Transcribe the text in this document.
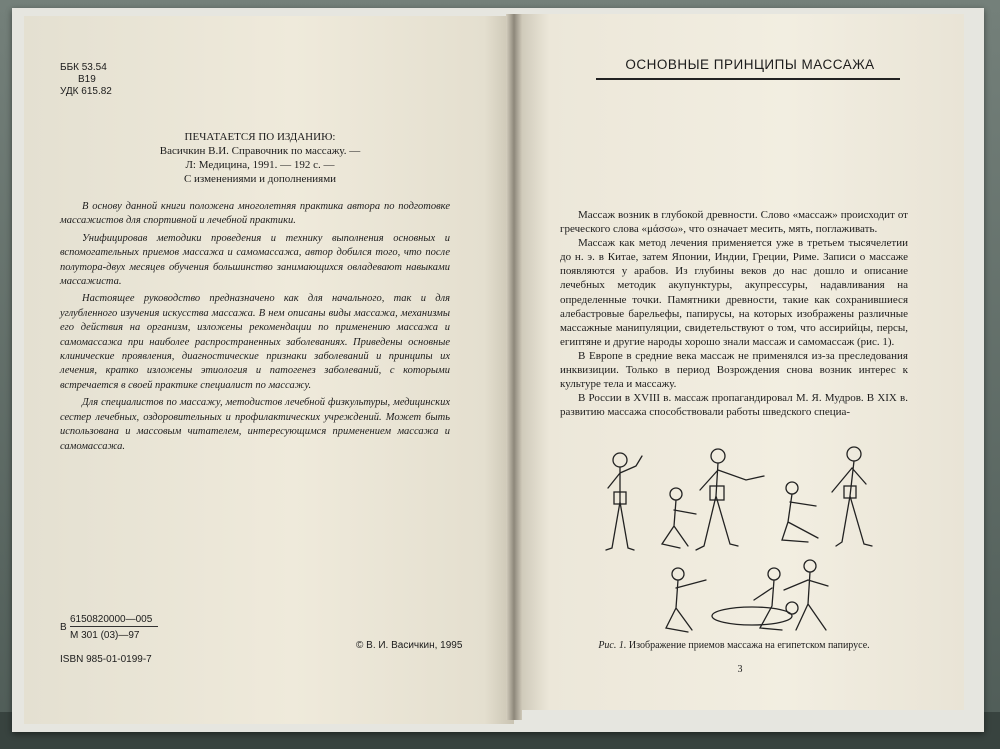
ББК 53.54
В19
УДК 615.82
ПЕЧАТАЕТСЯ ПО ИЗДАНИЮ:
Васичкин В.И. Справочник по массажу. —
Л: Медицина, 1991. — 192 с. —
С изменениями и дополнениями

В основу данной книги положена многолетняя практика автора по подготовке массажистов для спортивной и лечебной практики.

Унифицировав методики проведения и технику выполнения основных и вспомогательных приемов массажа и самомассажа, автор добился того, что после полутора-двух месяцев обучения большинство занимающихся овладевают навыками массажиста.

Настоящее руководство предназначено как для начального, так и для углубленного изучения искусства массажа. В нем описаны виды массажа, механизмы его действия на организм, изложены рекомендации по применению массажа и самомассажа при наиболее распространенных заболеваниях. Приведены основные клинические проявления, диагностические признаки заболеваний и принципы их лечения, кратко изложены этиология и патогенез заболеваний, с которыми встречается в своей практике специалист по массажу.

Для специалистов по массажу, методистов лечебной физкультуры, медицинских сестер лечебных, оздоровительных и профилактических учреждений. Может быть использована и массовым читателем, интересующимся применением массажа и самомассажа.

В
6150820000—005
М 301 (03)—97
ISBN 985-01-0199-7
© В. И. Васичкин, 1995
ОСНОВНЫЕ ПРИНЦИПЫ МАССАЖА

Массаж возник в глубокой древности. Слово «массаж» происходит от греческого слова «μάσσω», что означает месить, мять, поглаживать.

Массаж как метод лечения применяется уже в третьем тысячелетии до н. э. в Китае, затем Японии, Индии, Греции, Риме. Записи о массаже появляются у арабов. Из глубины веков до нас дошло и описание лечебных методик акупунктуры, акупрессуры, надавливания на определенные точки. Памятники древности, такие как сохранившиеся алебастровые барельефы, папирусы, на которых изображены различные массажные манипуляции, свидетельствуют о том, что ассирийцы, персы, египтяне и другие народы хорошо знали массаж и самомассаж (рис. 1).

В Европе в средние века массаж не применялся из-за преследования инквизиции. Только в период Возрождения снова возник интерес к культуре тела и массажу.

В России в XVIII в. массаж пропагандировал М. Я. Мудров. В XIX в. развитию массажа способствовали работы шведского специа-

Рис. 1. Изображение приемов массажа на египетском папирусе.
3
